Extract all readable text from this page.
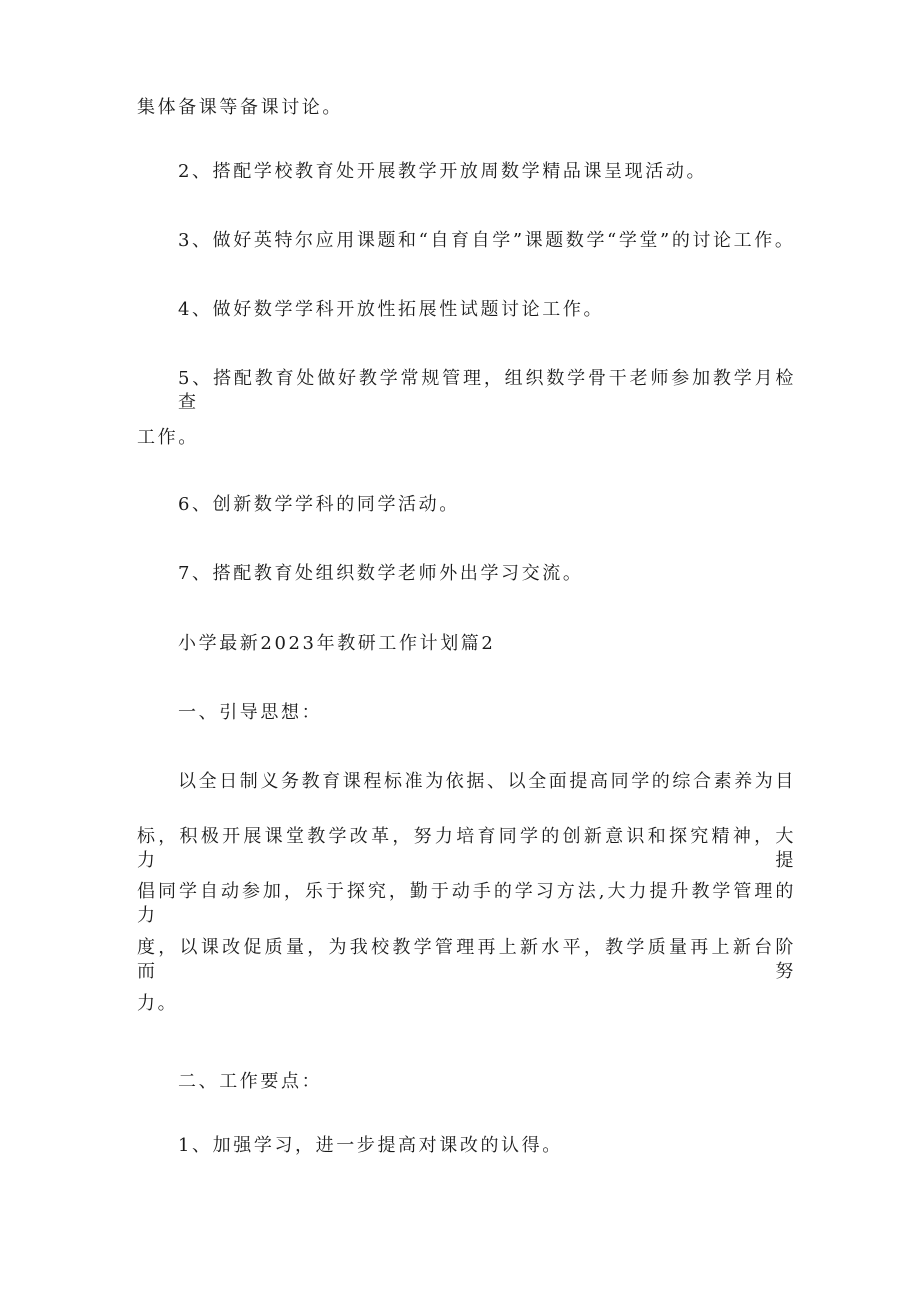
集体备课等备课讨论。
2、搭配学校教育处开展教学开放周数学精品课呈现活动。
3、做好英特尔应用课题和“自育自学”课题数学“学堂”的讨论工作。
4、做好数学学科开放性拓展性试题讨论工作。
5、搭配教育处做好教学常规管理，组织数学骨干老师参加教学月检查
工作。
6、创新数学学科的同学活动。
7、搭配教育处组织数学老师外出学习交流。
小学最新2023年教研工作计划篇2
一、引导思想：
以全日制义务教育课程标准为依据、以全面提高同学的综合素养为目
标，积极开展课堂教学改革，努力培育同学的创新意识和探究精神，大力提
倡同学自动参加，乐于探究，勤于动手的学习方法,大力提升教学管理的力
度，以课改促质量，为我校教学管理再上新水平，教学质量再上新台阶而努
力。
二、工作要点：
1、加强学习，进一步提高对课改的认得。
